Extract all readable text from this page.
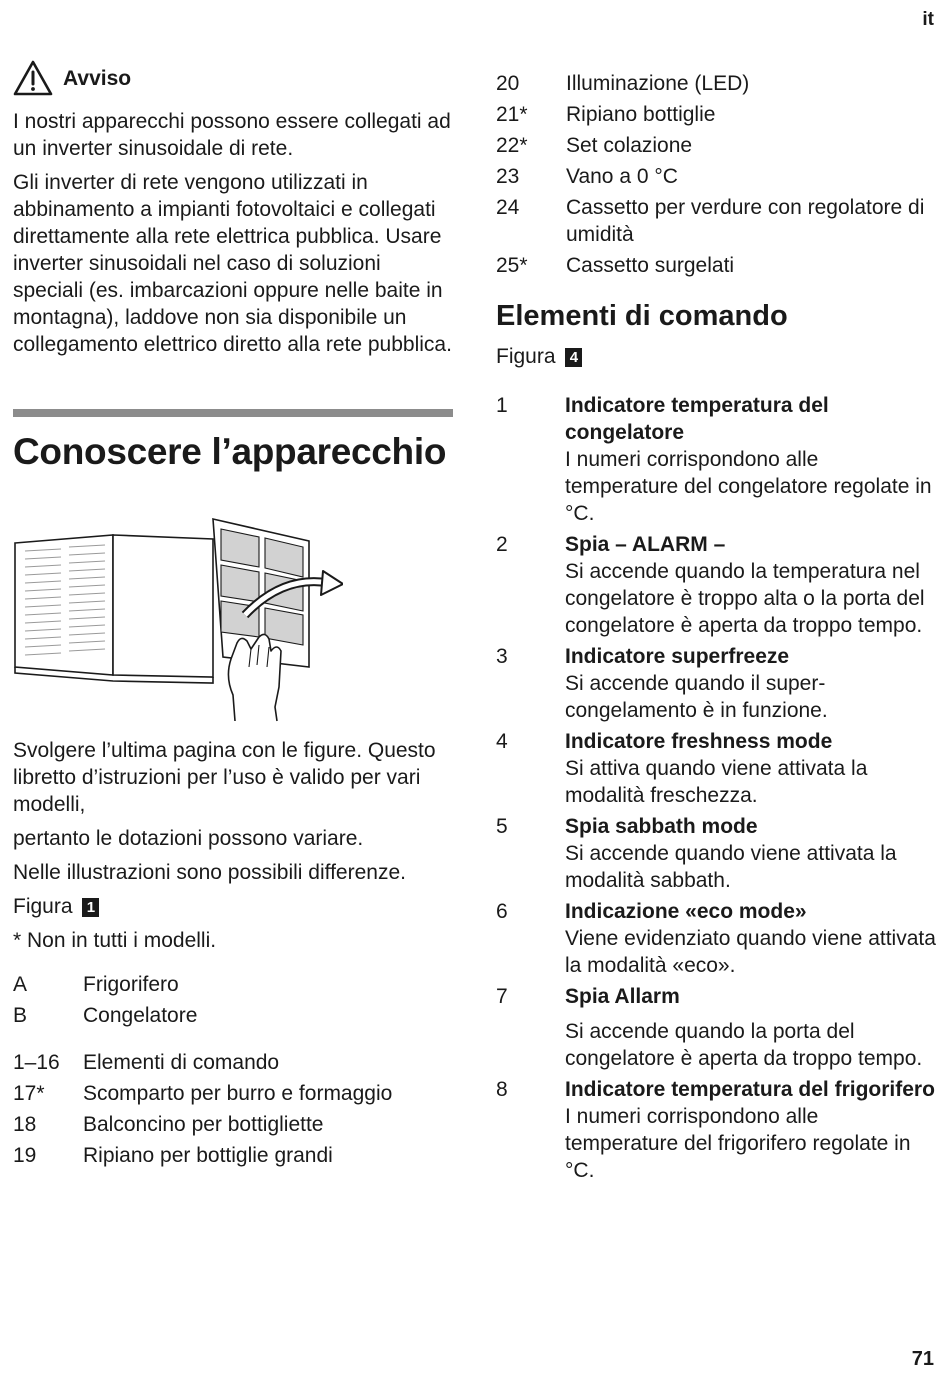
it
Avviso

I nostri apparecchi possono essere collegati ad un inverter sinusoidale di rete.

Gli inverter di rete vengono utilizzati in abbinamento a impianti fotovoltaici e collegati direttamente alla rete elettrica pubblica. Usare inverter sinusoidali nel caso di soluzioni speciali (es. imbarcazioni oppure nelle baite in montagna), laddove non sia disponibile un collegamento elettrico diretto alla rete pubblica.

Conoscere l’apparecchio

Svolgere l’ultima pagina con le figure. Questo libretto d’istruzioni per l’uso è valido per vari modelli,

pertanto le dotazioni possono variare.

Nelle illustrazioni sono possibili differenze.

Figura 1

* Non in tutti i modelli.

A	Frigorifero
B	Congelatore
1–16	Elementi di comando
17*	Scomparto per burro e formaggio
18	Balconcino per bottigliette
19	Ripiano per bottiglie grandi
20	Illuminazione (LED)
21*	Ripiano bottiglie
22*	Set colazione
23	Vano a 0 °C
24	Cassetto per verdure con regolatore di umidità
25*	Cassetto surgelati
Elementi di comando
Figura 4
1	Indicatore temperatura del congelatore
I numeri corrispondono alle temperature del congelatore regolate in °C.
2	Spia – ALARM –
Si accende quando la temperatura nel congelatore è troppo alta o la porta del congelatore è aperta da troppo tempo.
3	Indicatore superfreeze
Si accende quando il super-congelamento è in funzione.
4	Indicatore freshness mode
Si attiva quando viene attivata la modalità freschezza.
5	Spia sabbath mode
Si accende quando viene attivata la modalità sabbath.
6	Indicazione «eco mode»
Viene evidenziato quando viene attivata la modalità «eco».
7	Spia Allarm
Si accende quando la porta del congelatore è aperta da troppo tempo.
8	Indicatore temperatura del frigorifero
I numeri corrispondono alle temperature del frigorifero regolate in °C.
71
